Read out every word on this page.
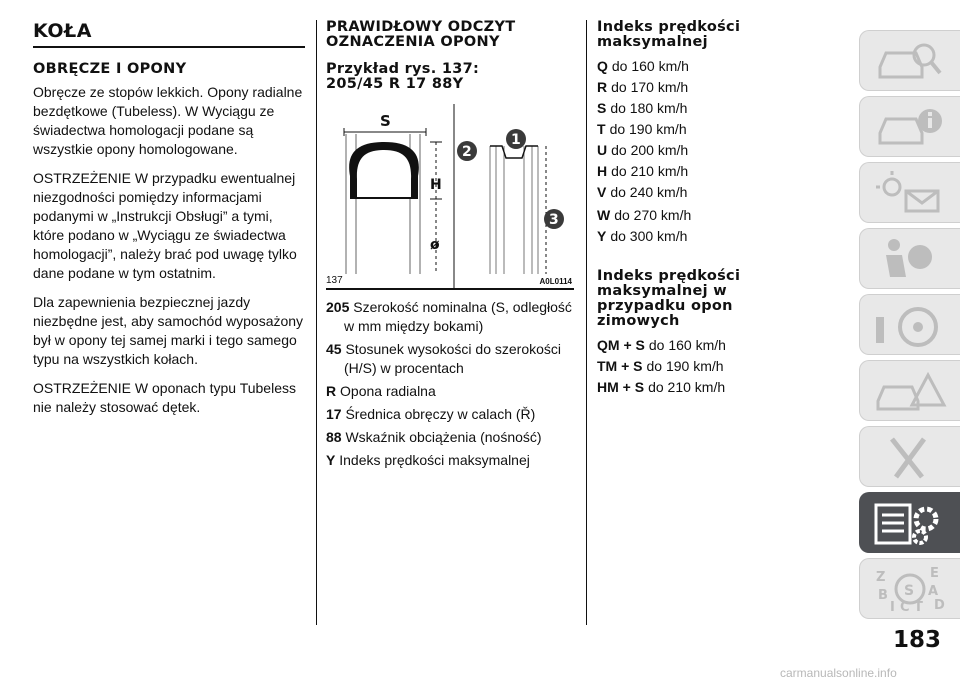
KOŁA
OBRĘCZE I OPONY

Obręcze ze stopów lekkich. Opony radialne bezdętkowe (Tubeless). W Wyciągu ze świadectwa homologacji podane są wszystkie opony homologowane.

OSTRZEŻENIE W przypadku ewentualnej niezgodności pomiędzy informacjami podanymi w „Instrukcji Obsługi” a tymi, które podano w „Wyciągu ze świadectwa homologacji”, należy brać pod uwagę tylko dane podane w tym ostatnim.

Dla zapewnienia bezpiecznej jazdy niezbędne jest, aby samochód wyposażony był w opony tej samej marki i tego samego typu na wszystkich kołach.

OSTRZEŻENIE W oponach typu Tubeless nie należy stosować dętek.

PRAWIDŁOWY ODCZYT
OZNACZENIA OPONY
Przykład rys. 137:
205/45 R 17 88Y
S
H
ø
2
1
3
137	A0L0114
205 Szerokość nominalna (S, odległość w mm między bokami)
45 Stosunek wysokości do szerokości (H/S) w procentach
R Opona radialna
17 Średnica obręczy w calach (Ř)
88 Wskaźnik obciążenia (nośność)
Y Indeks prędkości maksymalnej
Indeks prędkości
maksymalnej
Q do 160 km/h
R do 170 km/h
S do 180 km/h
T do 190 km/h
U do 200 km/h
H do 210 km/h
V do 240 km/h
W do 270 km/h
Y do 300 km/h
Indeks prędkości
maksymalnej w
przypadku opon
zimowych
QM + S do 160 km/h
TM + S do 190 km/h
HM + S do 210 km/h
Z	E
S A
B
C D
I T
183
carmanualsonline.info
